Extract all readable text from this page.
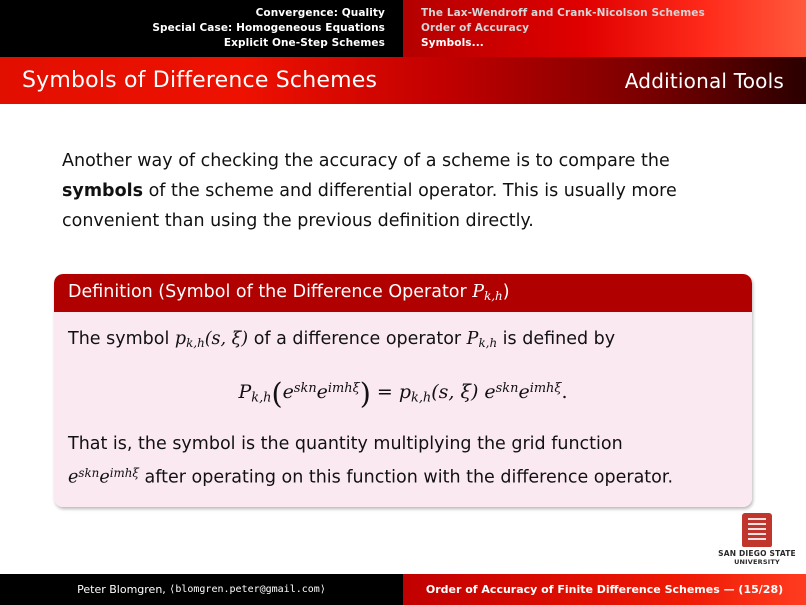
Convergence: Quality
Special Case: Homogeneous Equations
Explicit One-Step Schemes
The Lax-Wendroff and Crank-Nicolson Schemes
Order of Accuracy
Symbols...
Symbols of Difference Schemes	Additional Tools
Another way of checking the accuracy of a scheme is to compare the symbols of the scheme and differential operator. This is usually more convenient than using the previous definition directly.
Definition (Symbol of the Difference Operator $P_{k,h}$)

The symbol $p_{k,h}(s$, ξ) of a difference operator $P_{k,h}$ is defined by

$P_{k,h}(e^{skn}e^{imh\xi}) = p_{k,h}(s$, ξ) $e^{skn}e^{imh\xi}$.

That is, the symbol is the quantity multiplying the grid function
$e^{skn}e^{imh\xi}$ after operating on this function with the difference operator.

SAN DIEGO STATE
UNIVERSITY
Peter Blomgren,
⟨blomgren.peter@gmail.com⟩	Order of Accuracy of Finite Difference Schemes — (15/28)
